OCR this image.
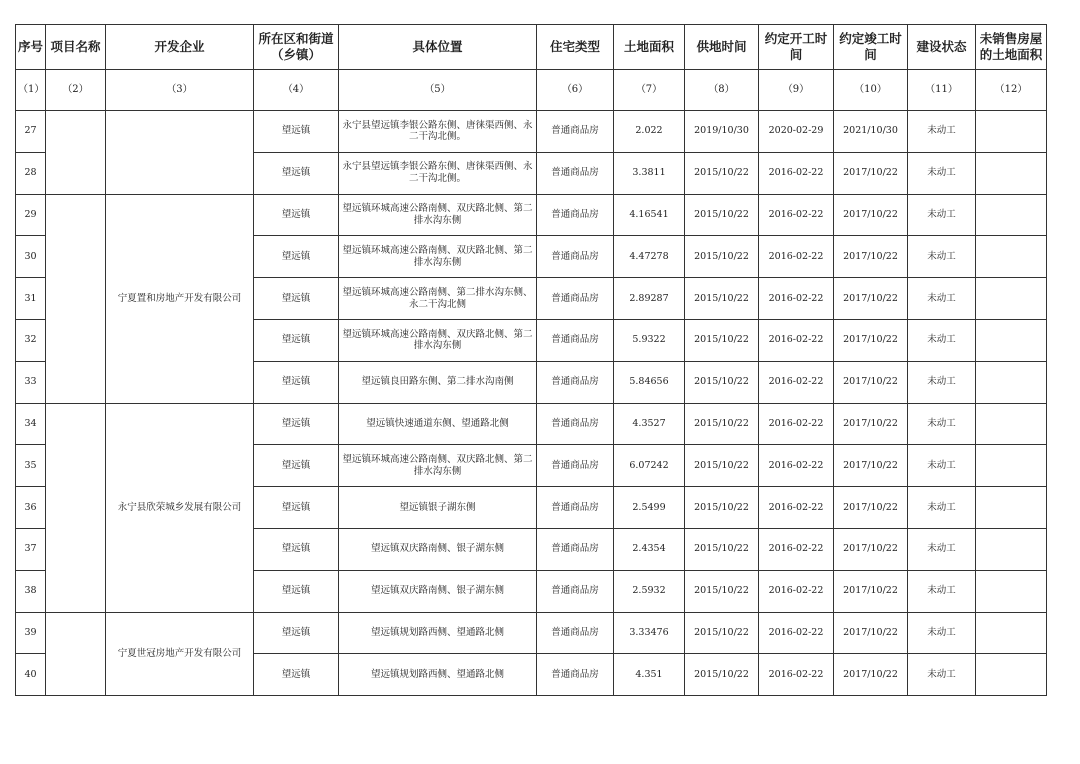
序号	项目名称	开发企业	所在区和街道（乡镇）	具体位置	住宅类型	土地面积	供地时间	约定开工时间	约定竣工时间	建设状态	未销售房屋的土地面积
（1）	（2）	（3）	（4）	（5）	（6）	（7）	（8）	（9）	（10）	（11）	（12）
27			望远镇	永宁县望远镇李银公路东侧、唐徕渠西侧、永二干沟北侧。	普通商品房	2.022	2019/10/30	2020-02-29	2021/10/30	未动工	
28			望远镇	永宁县望远镇李银公路东侧、唐徕渠西侧、永二干沟北侧。	普通商品房	3.3811	2015/10/22	2016-02-22	2017/10/22	未动工	
29		宁夏置和房地产开发有限公司	望远镇	望远镇环城高速公路南侧、双庆路北侧、第二排水沟东侧	普通商品房	4.16541	2015/10/22	2016-02-22	2017/10/22	未动工	
30			望远镇	望远镇环城高速公路南侧、双庆路北侧、第二排水沟东侧	普通商品房	4.47278	2015/10/22	2016-02-22	2017/10/22	未动工	
31			望远镇	望远镇环城高速公路南侧、第二排水沟东侧、永二干沟北侧	普通商品房	2.89287	2015/10/22	2016-02-22	2017/10/22	未动工	
32			望远镇	望远镇环城高速公路南侧、双庆路北侧、第二排水沟东侧	普通商品房	5.9322	2015/10/22	2016-02-22	2017/10/22	未动工	
33			望远镇	望远镇良田路东侧、第二排水沟南侧	普通商品房	5.84656	2015/10/22	2016-02-22	2017/10/22	未动工	
34		永宁县欣荣城乡发展有限公司	望远镇	望远镇快速通道东侧、望通路北侧	普通商品房	4.3527	2015/10/22	2016-02-22	2017/10/22	未动工	
35			望远镇	望远镇环城高速公路南侧、双庆路北侧、第二排水沟东侧	普通商品房	6.07242	2015/10/22	2016-02-22	2017/10/22	未动工	
36			望远镇	望远镇银子湖东侧	普通商品房	2.5499	2015/10/22	2016-02-22	2017/10/22	未动工	
37			望远镇	望远镇双庆路南侧、银子湖东侧	普通商品房	2.4354	2015/10/22	2016-02-22	2017/10/22	未动工	
38			望远镇	望远镇双庆路南侧、银子湖东侧	普通商品房	2.5932	2015/10/22	2016-02-22	2017/10/22	未动工	
39		宁夏世冠房地产开发有限公司	望远镇	望远镇规划路西侧、望通路北侧	普通商品房	3.33476	2015/10/22	2016-02-22	2017/10/22	未动工	
40			望远镇	望远镇规划路西侧、望通路北侧	普通商品房	4.351	2015/10/22	2016-02-22	2017/10/22	未动工	
